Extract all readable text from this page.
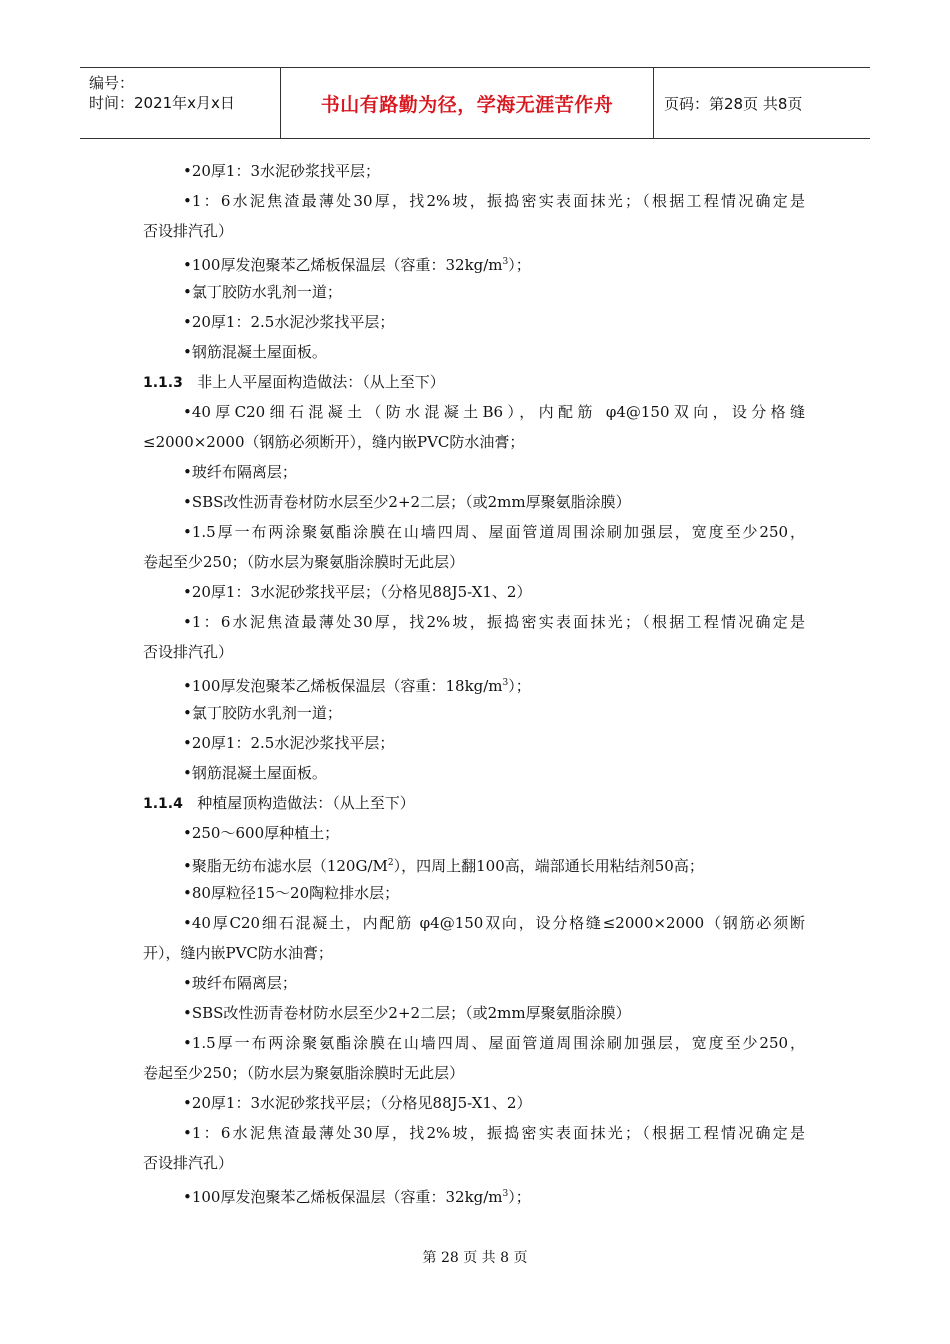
编号：
时间：2021年x月x日	书山有路勤为径，学海无涯苦作舟	页码：第28页 共8页
•20厚1：3水泥砂浆找平层；
•1：6水泥焦渣最薄处30厚，找2%坡，振捣密实表面抹光；（根据工程情况确定是
否设排汽孔）
•100厚发泡聚苯乙烯板保温层（容重：$32kg/m^3$）；
•氯丁胶防水乳剂一道；
•20厚1：2.5水泥沙浆找平层；
•钢筋混凝土屋面板。
1.1.3 非上人平屋面构造做法：（从上至下）
•40厚C20细石混凝土（防水混凝土B6），内配筋 φ4@150双向，设分格缝
≤2000×2000（钢筋必须断开），缝内嵌PVC防水油膏；
•玻纤布隔离层；
•SBS改性沥青卷材防水层至少2+2二层；（或2mm厚聚氨脂涂膜）
•1.5厚一布两涂聚氨酯涂膜在山墙四周、屋面管道周围涂刷加强层，宽度至少250，
卷起至少250；（防水层为聚氨脂涂膜时无此层）
•20厚1：3水泥砂浆找平层；（分格见88J5-X1、2）
•1：6水泥焦渣最薄处30厚，找2%坡，振捣密实表面抹光；（根据工程情况确定是
否设排汽孔）
•100厚发泡聚苯乙烯板保温层（容重：$18kg/m^3$）；
•氯丁胶防水乳剂一道；
•20厚1：2.5水泥沙浆找平层；
•钢筋混凝土屋面板。
1.1.4 种植屋顶构造做法：（从上至下）
•250～600厚种植土；
•聚脂无纺布滤水层$(120G/M^2)$，四周上翻100高，端部通长用粘结剂50高；
•80厚粒径15～20陶粒排水层；
•40厚C20细石混凝土，内配筋 φ4@150双向，设分格缝≤2000×2000（钢筋必须断
开），缝内嵌PVC防水油膏；
•玻纤布隔离层；
•SBS改性沥青卷材防水层至少2+2二层；（或2mm厚聚氨脂涂膜）
•1.5厚一布两涂聚氨酯涂膜在山墙四周、屋面管道周围涂刷加强层，宽度至少250，
卷起至少250；（防水层为聚氨脂涂膜时无此层）
•20厚1：3水泥砂浆找平层；（分格见88J5-X1、2）
•1：6水泥焦渣最薄处30厚，找2%坡，振捣密实表面抹光；（根据工程情况确定是
否设排汽孔）
•100厚发泡聚苯乙烯板保温层（容重：$32kg/m^3$）；
第 28 页 共 8 页
